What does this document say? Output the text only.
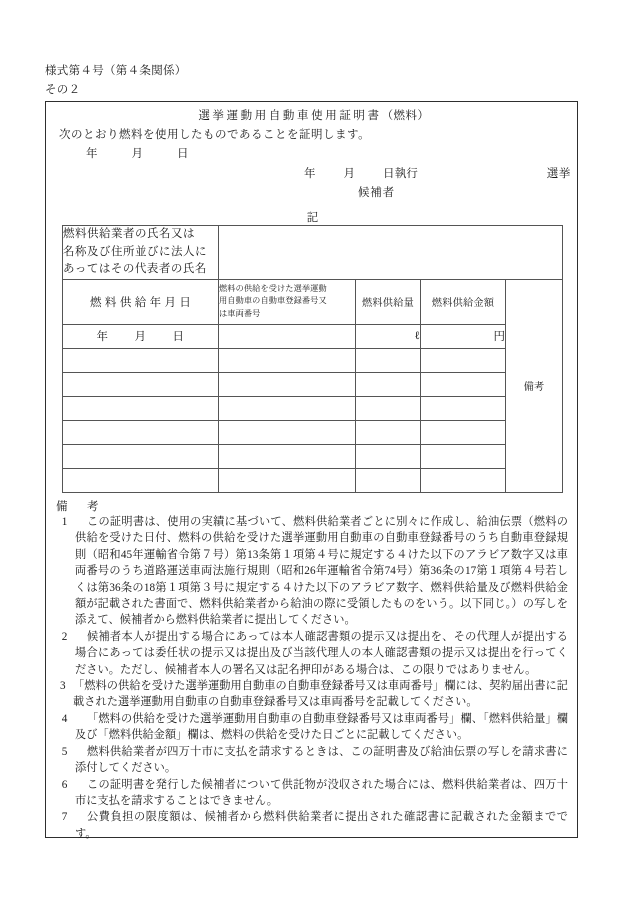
様式第４号（第４条関係）
その２
選挙運動用自動車使用証明書（燃料）
次のとおり燃料を使用したものであることを証明します。
年	月	日
年 月 日執行	選挙
候補者
記
燃料供給業者の氏名又は
名称及び住所並びに法人に
あってはその代表者の氏名				

燃料供給年月日	燃料の供給を受けた選挙運動
用自動車の自動車登録番号又
は車両番号	燃料供給量	燃料供給金額	備考
年 月 日		ℓ	円	

備　考
1	この証明書は、使用の実績に基づいて、燃料供給業者ごとに別々に作成し、給油伝票（燃料の供給を受けた日付、燃料の供給を受けた選挙運動用自動車の自動車登録番号のうち自動車登録規則（昭和45年運輸省令第７号）第13条第１項第４号に規定する４けた以下のアラビア数字又は車両番号のうち道路運送車両法施行規則（昭和26年運輸省令第74号）第36条の17第１項第４号若しくは第36条の18第１項第３号に規定する４けた以下のアラビア数字、燃料供給量及び燃料供給金額が記載された書面で、燃料供給業者から給油の際に受領したものをいう。以下同じ。）の写しを添えて、候補者から燃料供給業者に提出してください。
2	候補者本人が提出する場合にあっては本人確認書類の提示又は提出を、その代理人が提出する場合にあっては委任状の提示又は提出及び当該代理人の本人確認書類の提示又は提出を行ってください。ただし、候補者本人の署名又は記名押印がある場合は、この限りではありません。
3 「燃料の供給を受けた選挙運動用自動車の自動車登録番号又は車両番号」欄には、契約届出書に記載された選挙運動用自動車の自動車登録番号又は車両番号を記載してください。
4	「燃料の供給を受けた選挙運動用自動車の自動車登録番号又は車両番号」欄、「燃料供給量」欄及び「燃料供給金額」欄は、燃料の供給を受けた日ごとに記載してください。
5	燃料供給業者が四万十市に支払を請求するときは、この証明書及び給油伝票の写しを請求書に添付してください。
6	この証明書を発行した候補者について供託物が没収された場合には、燃料供給業者は、四万十市に支払を請求することはできません。
7	公費負担の限度額は、候補者から燃料供給業者に提出された確認書に記載された金額までです。
